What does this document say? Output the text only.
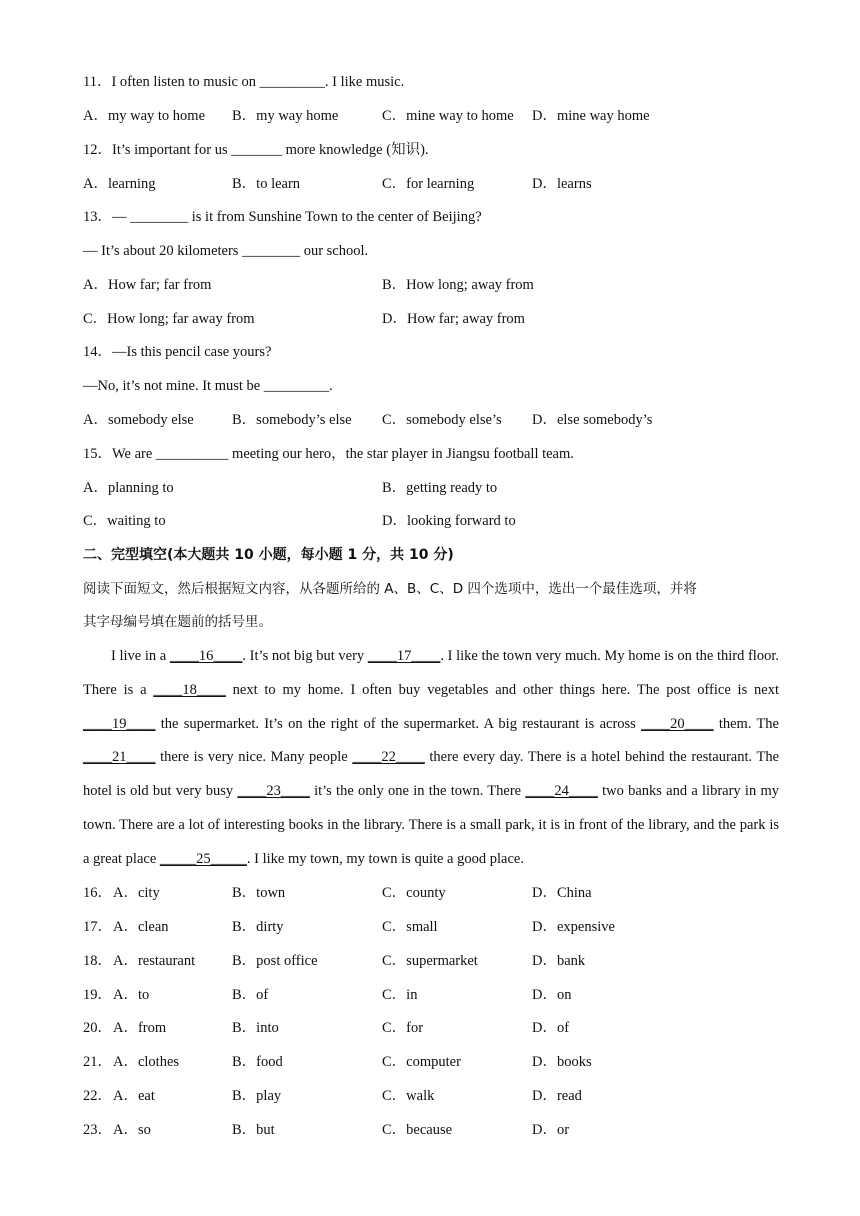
11．I often listen to music on _________. I like music.
A．my way to home B．my way home	C．mine way to home D．mine way home
12．It’s important for us _______ more knowledge (知识).
A．learning	B．to learn	C．for learning	D．learns
13．— ________ is it from Sunshine Town to the center of Beijing?
— It’s about 20 kilometers ________ our school.
A．How far; far from	B．How long; away from
C．How long; far away from	D．How far; away from
14．—Is this pencil case yours?
—No, it’s not mine. It must be _________.
A．somebody else	B．somebody’s else C．somebody else’s D．else somebody’s
15．We are __________ meeting our hero，the star player in Jiangsu football team.
A．planning to	B．getting ready to
C．waiting to	D．looking forward to
二、完型填空(本大题共 10 小题，每小题 1 分，共 10 分)
阅读下面短文，然后根据短文内容，从各题所给的 A、B、C、D 四个选项中，选出一个最佳选项，并将
其字母编号填在题前的括号里。

I live in a ____16____. It’s not big but very ____17____. I like the town very much. My home is on the third floor. There is a ____18____ next to my home. I often buy vegetables and other things here. The post office is next ____19____ the supermarket. It’s on the right of the supermarket. A big restaurant is across ____20____ them. The ____21____ there is very nice. Many people ____22____ there every day. There is a hotel behind the restaurant. The hotel is old but very busy ____23____ it’s the only one in the town. There ____24____ two banks and a library in my town. There are a lot of interesting books in the library. There is a small park, it is in front of the library, and the park is a great place _____25_____. I like my town, my town is quite a good place.

16． A．city	B．town	C．county	D．China
17． A．clean	B．dirty	C．small	D．expensive
18． A．restaurant	B．post office	C．supermarket	D．bank
19． A．to	B．of	C．in	D．on
20． A．from	B．into	C．for	D．of
21． A．clothes	B．food	C．computer	D．books
22． A．eat	B．play	C．walk	D．read
23． A．so	B．but	C．because	D．or
